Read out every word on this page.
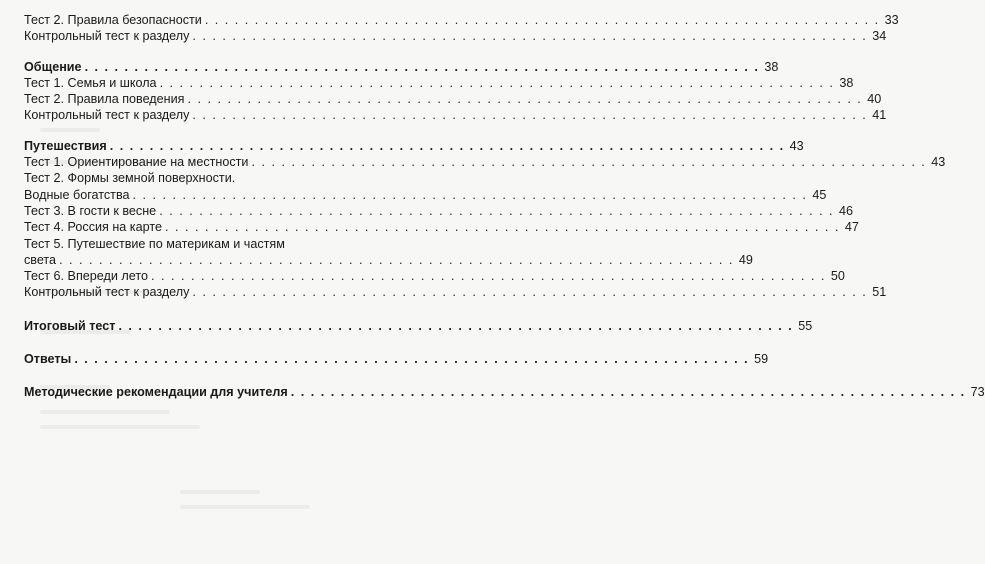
Тест 2. Правила безопасности . . .	33
Контрольный тест к разделу . . .	34
Общение . . .	38
Тест 1. Семья и школа . . .	38
Тест 2. Правила поведения . . .	40
Контрольный тест к разделу . . .	41
Путешествия . . .	43
Тест 1. Ориентирование на местности . . .	43
Тест 2. Формы земной поверхности.
Водные богатства . . .	45
Тест 3. В гости к весне . . .	46
Тест 4. Россия на карте . . .	47
Тест 5. Путешествие по материкам и частям
света . . .	49
Тест 6. Впереди лето . . .	50
Контрольный тест к разделу . . .	51
Итоговый тест . . .	55
Ответы . . .	59
Методические рекомендации для учителя . . .	73
